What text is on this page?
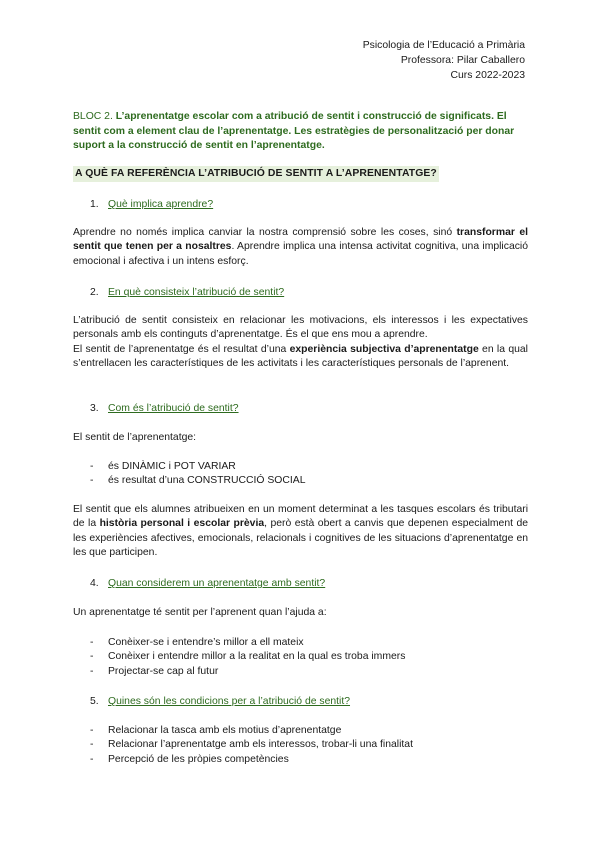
Psicologia de l’Educació a Primària
Professora: Pilar Caballero
Curs 2022-2023
BLOC 2. L’aprenentatge escolar com a atribució de sentit i construcció de significats. El sentit com a element clau de l’aprenentatge. Les estratègies de personalització per donar suport a la construcció de sentit en l’aprenentatge.
A QUÈ FA REFERÈNCIA L’ATRIBUCIÓ DE SENTIT A L’APRENENTATGE?
1. Què implica aprendre?
Aprendre no només implica canviar la nostra comprensió sobre les coses, sinó transformar el sentit que tenen per a nosaltres. Aprendre implica una intensa activitat cognitiva, una implicació emocional i afectiva i un intens esforç.
2. En què consisteix l’atribució de sentit?
L’atribució de sentit consisteix en relacionar les motivacions, els interessos i les expectatives personals amb els continguts d’aprenentatge. És el que ens mou a aprendre.
El sentit de l’aprenentatge és el resultat d’una experiència subjectiva d’aprenentatge en la qual s’entrellacen les característiques de les activitats i les característiques personals de l’aprenent.
3. Com és l’atribució de sentit?
El sentit de l’aprenentatge:
- és DINÀMIC i POT VARIAR
- és resultat d’una CONSTRUCCIÓ SOCIAL
El sentit que els alumnes atribueixen en un moment determinat a les tasques escolars és tributari de la història personal i escolar prèvia, però està obert a canvis que depenen especialment de les experiències afectives, emocionals, relacionals i cognitives de les situacions d’aprenentatge en les que participen.
4. Quan considerem un aprenentatge amb sentit?
Un aprenentatge té sentit per l’aprenent quan l’ajuda a:
- Conèixer-se i entendre’s millor a ell mateix
- Conèixer i entendre millor a la realitat en la qual es troba immers
- Projectar-se cap al futur
5. Quines són les condicions per a l’atribució de sentit?
- Relacionar la tasca amb els motius d’aprenentatge
- Relacionar l’aprenentatge amb els interessos, trobar-li una finalitat
- Percepció de les pròpies competències
